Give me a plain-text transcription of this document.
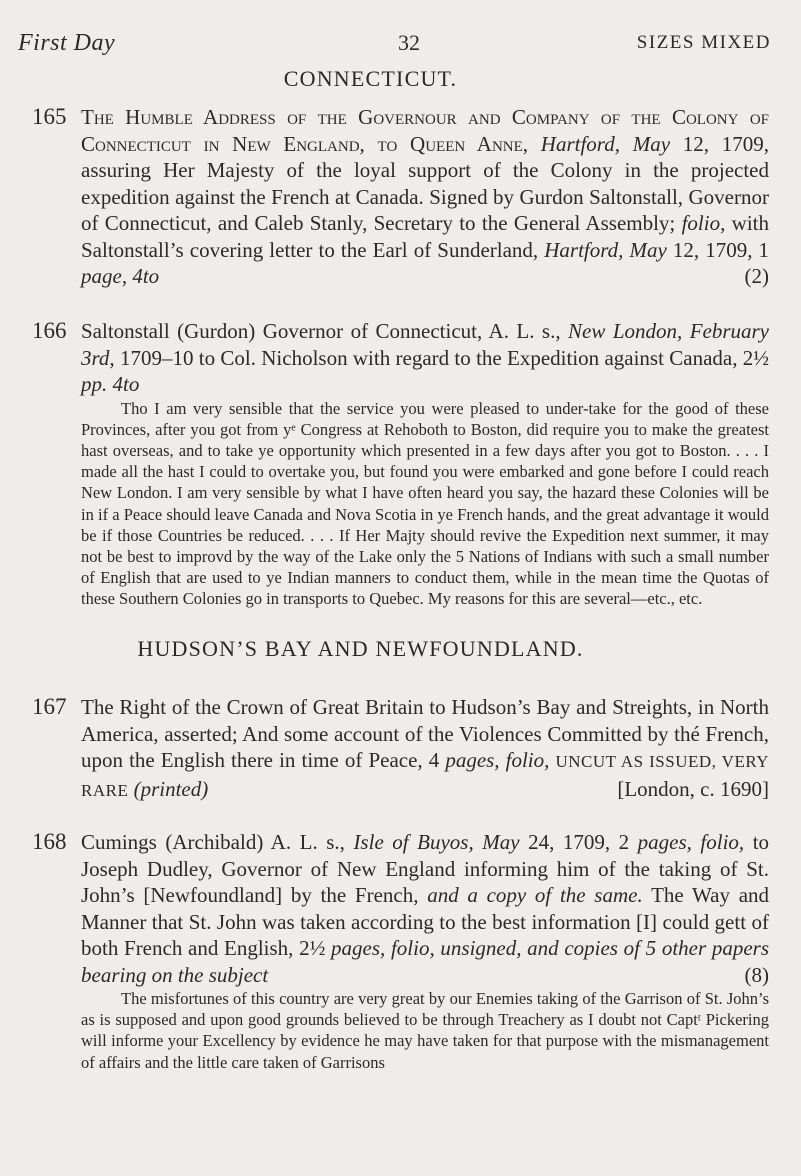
First Day	32	SIZES MIXED
CONNECTICUT.
165 The Humble Address of the Governour and Company of the Colony of Connecticut in New England, to Queen Anne, Hartford, May 12, 1709, assuring Her Majesty of the loyal support of the Colony in the projected expedition against the French at Canada. Signed by Gurdon Saltonstall, Governor of Connecticut, and Caleb Stanly, Secretary to the General Assembly; folio, with Saltonstall’s covering letter to the Earl of Sunderland, Hartford, May 12, 1709, 1 page, 4to	(2)

166 Saltonstall (Gurdon) Governor of Connecticut, A. L. s., New London, February 3rd, 1709–10 to Col. Nicholson with regard to the Expedition against Canada, 2½ pp. 4to

Tho I am very sensible that the service you were pleased to under-take for the good of these Provinces, after you got from yᵉ Congress at Rehoboth to Boston, did require you to make the greatest hast overseas, and to take ye opportunity which presented in a few days after you got to Boston. . . . I made all the hast I could to overtake you, but found you were embarked and gone before I could reach New London. I am very sensible by what I have often heard you say, the hazard these Colonies will be in if a Peace should leave Canada and Nova Scotia in ye French hands, and the great advantage it would be if those Countries be reduced. . . . If Her Majty should revive the Expedition next summer, it may not be best to improvd by the way of the Lake only the 5 Nations of Indians with such a small number of English that are used to ye Indian manners to conduct them, while in the mean time the Quotas of these Southern Colonies go in transports to Quebec. My reasons for this are several—etc., etc.

HUDSON’S BAY AND NEWFOUNDLAND.
167 The Right of the Crown of Great Britain to Hudson’s Bay and Streights, in North America, asserted; And some account of the Violences Committed by thé French, upon the English there in time of Peace, 4 pages, folio, UNCUT AS ISSUED, VERY RARE (printed)	[London, c. 1690]

168 Cumings (Archibald) A. L. s., Isle of Buyos, May 24, 1709, 2 pages, folio, to Joseph Dudley, Governor of New England informing him of the taking of St. John’s [Newfoundland] by the French, and a copy of the same. The Way and Manner that St. John was taken according to the best information [I] could gett of both French and English, 2½ pages, folio, unsigned, and copies of 5 other papers bearing on the subject	(8)

The misfortunes of this country are very great by our Enemies taking of the Garrison of St. John’s as is supposed and upon good grounds believed to be through Treachery as I doubt not Captᵗ Pickering will informe your Excellency by evidence he may have taken for that purpose with the mismanagement of affairs and the little care taken of Garrisons
